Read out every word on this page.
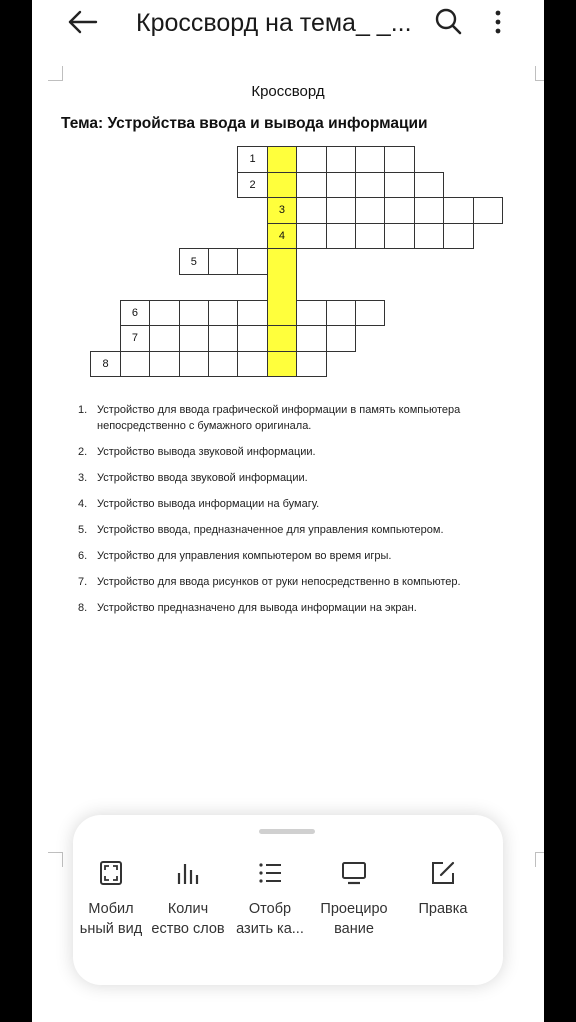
Кроссворд на тема_ _...
Кроссворд
Тема: Устройства ввода и вывода информации
1
2
3
4
5
6
7
8
1. Устройство для ввода графической информации в память компьютера непосредственно с бумажного оригинала.
2. Устройство вывода звуковой информации.
3. Устройство ввода звуковой информации.
4. Устройство вывода информации на бумагу.
5. Устройство ввода, предназначенное для управления компьютером.
6. Устройство для управления компьютером во время игры.
7. Устройство для ввода рисунков от руки непосредственно в компьютер.
8. Устройство предназначено для вывода информации на экран.
Мобил
ьный вид
Колич
ество слов
Отобр
азить ка...
Проециро
вание
Правка
